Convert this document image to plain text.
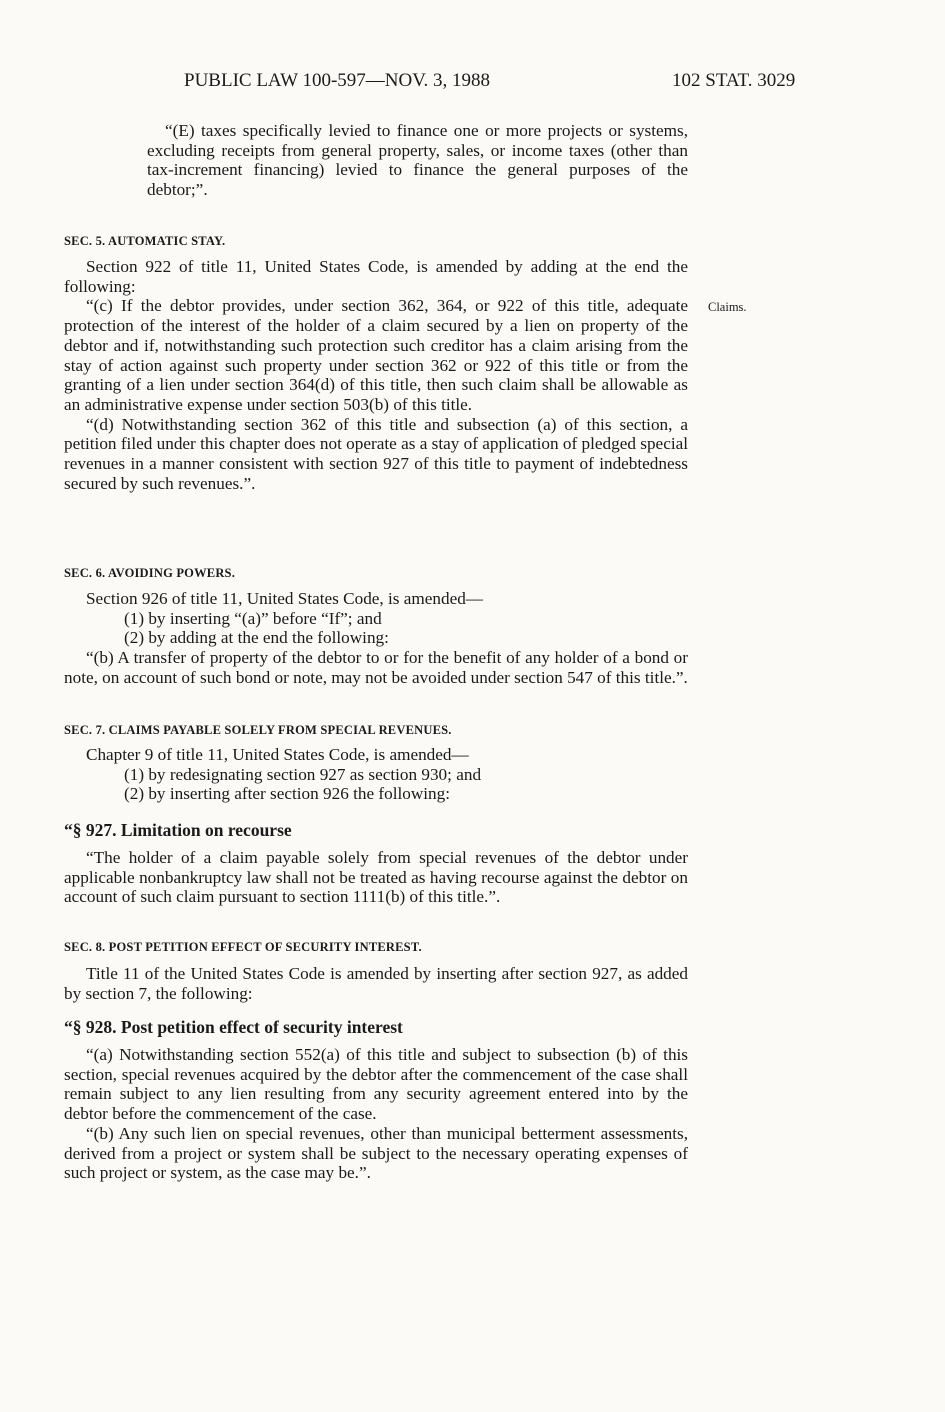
PUBLIC LAW 100-597—NOV. 3, 1988	102 STAT. 3029

“(E) taxes specifically levied to finance one or more projects or systems, excluding receipts from general property, sales, or income taxes (other than tax-increment financing) levied to finance the general purposes of the debtor;”.

SEC. 5. AUTOMATIC STAY.

Section 922 of title 11, United States Code, is amended by adding at the end the following:

“(c) If the debtor provides, under section 362, 364, or 922 of this title, adequate protection of the interest of the holder of a claim secured by a lien on property of the debtor and if, notwithstanding such protection such creditor has a claim arising from the stay of action against such property under section 362 or 922 of this title or from the granting of a lien under section 364(d) of this title, then such claim shall be allowable as an administrative expense under section 503(b) of this title.

“(d) Notwithstanding section 362 of this title and subsection (a) of this section, a petition filed under this chapter does not operate as a stay of application of pledged special revenues in a manner consistent with section 927 of this title to payment of indebtedness secured by such revenues.”.

Claims.
SEC. 6. AVOIDING POWERS.

Section 926 of title 11, United States Code, is amended—

(1) by inserting “(a)” before “If”; and

(2) by adding at the end the following:

“(b) A transfer of property of the debtor to or for the benefit of any holder of a bond or note, on account of such bond or note, may not be avoided under section 547 of this title.”.

SEC. 7. CLAIMS PAYABLE SOLELY FROM SPECIAL REVENUES.

Chapter 9 of title 11, United States Code, is amended—

(1) by redesignating section 927 as section 930; and

(2) by inserting after section 926 the following:

“§ 927. Limitation on recourse

“The holder of a claim payable solely from special revenues of the debtor under applicable nonbankruptcy law shall not be treated as having recourse against the debtor on account of such claim pursuant to section 1111(b) of this title.”.

SEC. 8. POST PETITION EFFECT OF SECURITY INTEREST.

Title 11 of the United States Code is amended by inserting after section 927, as added by section 7, the following:

“§ 928. Post petition effect of security interest

“(a) Notwithstanding section 552(a) of this title and subject to subsection (b) of this section, special revenues acquired by the debtor after the commencement of the case shall remain subject to any lien resulting from any security agreement entered into by the debtor before the commencement of the case.

“(b) Any such lien on special revenues, other than municipal betterment assessments, derived from a project or system shall be subject to the necessary operating expenses of such project or system, as the case may be.”.
